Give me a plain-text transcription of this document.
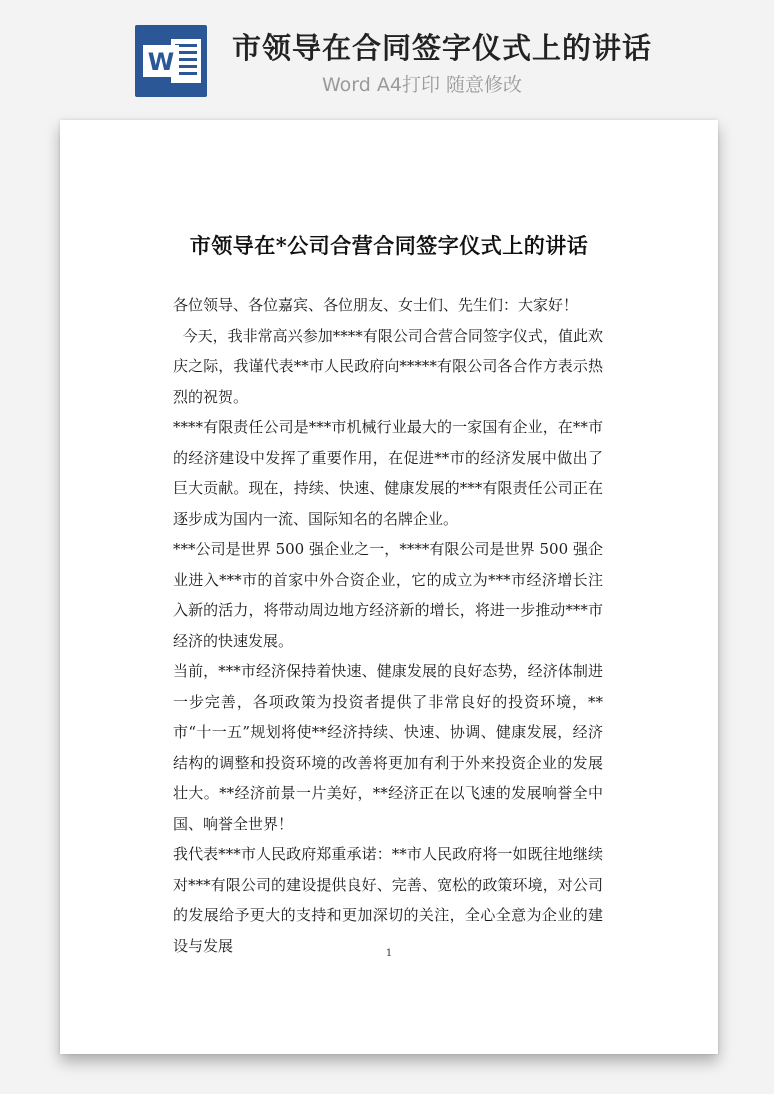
W 市领导在合同签字仪式上的讲话
Word A4打印 随意修改
市领导在*公司合营合同签字仪式上的讲话

各位领导、各位嘉宾、各位朋友、女士们、先生们：大家好！

今天，我非常高兴参加****有限公司合营合同签字仪式，值此欢庆之际，我谨代表**市人民政府向*****有限公司各合作方表示热烈的祝贺。

****有限责任公司是***市机械行业最大的一家国有企业，在**市的经济建设中发挥了重要作用，在促进**市的经济发展中做出了巨大贡献。现在，持续、快速、健康发展的***有限责任公司正在逐步成为国内一流、国际知名的名牌企业。

***公司是世界 500 强企业之一，****有限公司是世界 500 强企业进入***市的首家中外合资企业，它的成立为***市经济增长注入新的活力，将带动周边地方经济新的增长，将进一步推动***市经济的快速发展。

当前，***市经济保持着快速、健康发展的良好态势，经济体制进一步完善，各项政策为投资者提供了非常良好的投资环境，**市“十一五”规划将使**经济持续、快速、协调、健康发展，经济结构的调整和投资环境的改善将更加有利于外来投资企业的发展壮大。**经济前景一片美好，**经济正在以飞速的发展响誉全中国、响誉全世界！

我代表***市人民政府郑重承诺：**市人民政府将一如既往地继续对***有限公司的建设提供良好、完善、宽松的政策环境，对公司的发展给予更大的支持和更加深切的关注，全心全意为企业的建设与发展	1
